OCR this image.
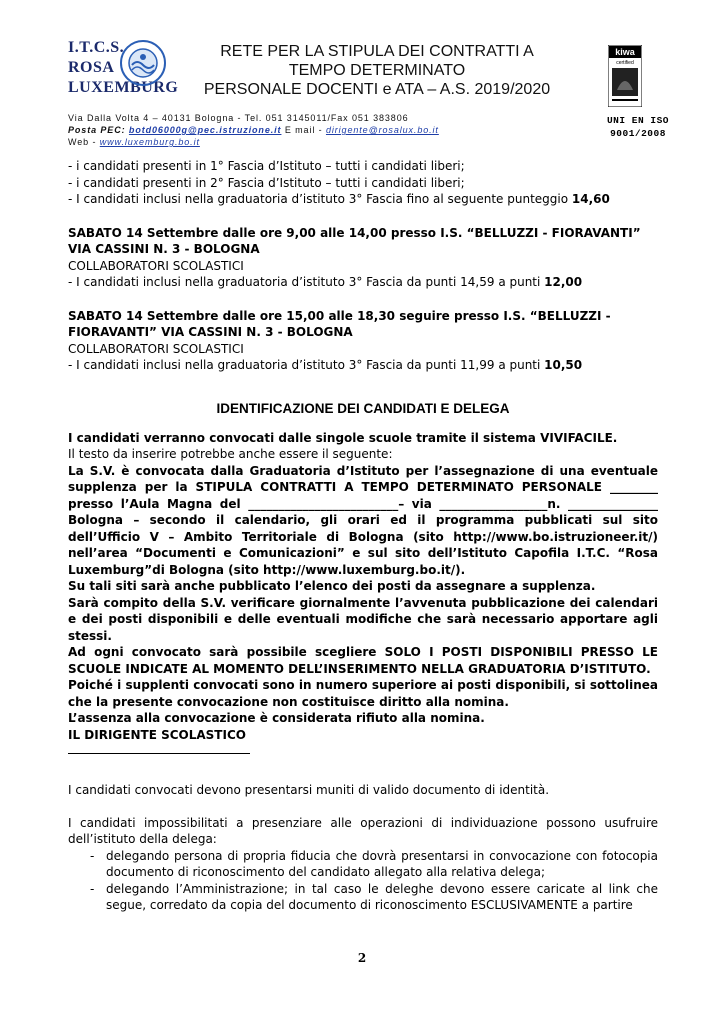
I.T.C.S.
ROSA
LUXEMBURG
RETE PER LA STIPULA DEI CONTRATTI A
TEMPO DETERMINATO
PERSONALE DOCENTI e ATA – A.S. 2019/2020
kiwa
certified
UNI EN ISO
9001/2008
Via Dalla Volta 4 – 40131 Bologna - Tel. 051 3145011/Fax 051 383806
Posta PEC: botd06000g@pec.istruzione.it E mail - dirigente@rosalux.bo.it
Web - www.luxemburg.bo.it

- i candidati presenti in 1° Fascia d’Istituto – tutti i candidati liberi;

- i candidati presenti in 2° Fascia d’Istituto – tutti i candidati liberi;

- I candidati inclusi nella graduatoria d’istituto 3° Fascia fino al seguente punteggio 14,60

SABATO 14 Settembre dalle ore 9,00 alle 14,00 presso I.S. “BELLUZZI - FIORAVANTI” VIA CASSINI N. 3 - BOLOGNA

COLLABORATORI SCOLASTICI

- I candidati inclusi nella graduatoria d’istituto 3° Fascia da punti 14,59 a punti 12,00

SABATO 14 Settembre dalle ore 15,00 alle 18,30 seguire presso I.S. “BELLUZZI - FIORAVANTI” VIA CASSINI N. 3 - BOLOGNA

COLLABORATORI SCOLASTICI

- I candidati inclusi nella graduatoria d’istituto 3° Fascia da punti 11,99 a punti 10,50

IDENTIFICAZIONE DEI CANDIDATI E DELEGA

I candidati verranno convocati dalle singole scuole tramite il sistema VIVIFACILE.

Il testo da inserire potrebbe anche essere il seguente:

La S.V. è convocata dalla Graduatoria d’Istituto per l’assegnazione di una eventuale supplenza per la STIPULA CONTRATTI A TEMPO DETERMINATO PERSONALE ________ presso l’Aula Magna del _________________________– via __________________n. _______________ Bologna – secondo il calendario, gli orari ed il programma pubblicati sul sito dell’Ufficio V – Ambito Territoriale di Bologna (sito http://www.bo.istruzioneer.it/) nell’area “Documenti e Comunicazioni” e sul sito dell’Istituto Capofila I.T.C. “Rosa Luxemburg”di Bologna (sito http://www.luxemburg.bo.it/).

Su tali siti sarà anche pubblicato l’elenco dei posti da assegnare a supplenza.

Sarà compito della S.V. verificare giornalmente l’avvenuta pubblicazione dei calendari e dei posti disponibili e delle eventuali modifiche che sarà necessario apportare agli stessi.

Ad ogni convocato sarà possibile scegliere SOLO I POSTI DISPONIBILI PRESSO LE SCUOLE INDICATE AL MOMENTO DELL’INSERIMENTO NELLA GRADUATORIA D’ISTITUTO.

Poiché i supplenti convocati sono in numero superiore ai posti disponibili, si sottolinea che la presente convocazione non costituisce diritto alla nomina.

L’assenza alla convocazione è considerata rifiuto alla nomina.

IL DIRIGENTE SCOLASTICO

I candidati convocati devono presentarsi muniti di valido documento di identità.

I candidati impossibilitati a presenziare alle operazioni di individuazione possono usufruire dell’istituto della delega:

- delegando persona di propria fiducia che dovrà presentarsi in convocazione con fotocopia documento di riconoscimento del candidato allegato alla relativa delega;

- delegando l’Amministrazione; in tal caso le deleghe devono essere caricate al link che segue, corredato da copia del documento di riconoscimento ESCLUSIVAMENTE a partire

2
